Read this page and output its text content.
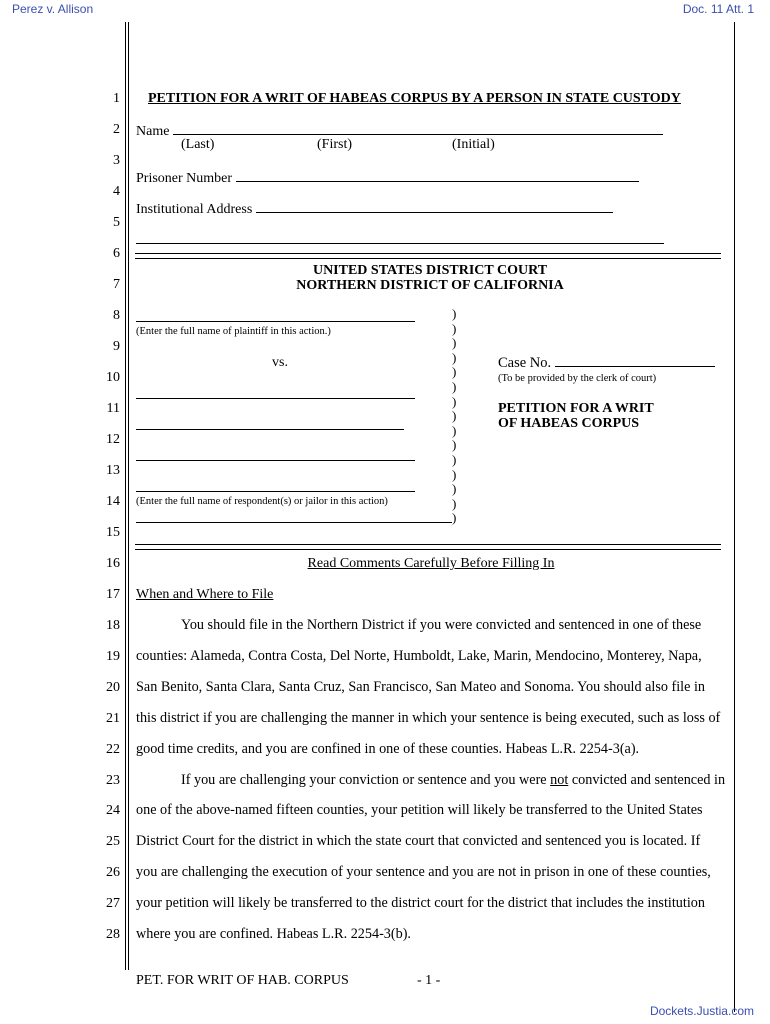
Perez v. Allison	Doc. 11 Att. 1
1
2
3
4
5
6
7
8
9
10
11
12
13
14
15
16
17
18
19
20
21
22
23
24
25
26
27
28
PETITION FOR A WRIT OF HABEAS CORPUS BY A PERSON IN STATE CUSTODY
Name
(Last)	(First)	(Initial)
Prisoner Number
Institutional Address
UNITED STATES DISTRICT COURT
NORTHERN DISTRICT OF CALIFORNIA
(Enter the full name of plaintiff in this action.)
vs.
(Enter the full name of respondent(s) or jailor in this action)
)
)
)
)
)
)
)
)
)
)
)
)
)
)
)
Case No.
(To be provided by the clerk of court)
PETITION FOR A WRIT
OF HABEAS CORPUS
Read Comments Carefully Before Filling In
When and Where to File
You should file in the Northern District if you were convicted and sentenced in one of these
counties: Alameda, Contra Costa, Del Norte, Humboldt, Lake, Marin, Mendocino, Monterey, Napa,
San Benito, Santa Clara, Santa Cruz, San Francisco, San Mateo and Sonoma. You should also file in
this district if you are challenging the manner in which your sentence is being executed, such as loss of
good time credits, and you are confined in one of these counties. Habeas L.R. 2254-3(a).
If you are challenging your conviction or sentence and you were not convicted and sentenced in
one of the above-named fifteen counties, your petition will likely be transferred to the United States
District Court for the district in which the state court that convicted and sentenced you is located. If
you are challenging the execution of your sentence and you are not in prison in one of these counties,
your petition will likely be transferred to the district court for the district that includes the institution
where you are confined. Habeas L.R. 2254-3(b).
PET. FOR WRIT OF HAB. CORPUS	- 1 -
Dockets.Justia.com
